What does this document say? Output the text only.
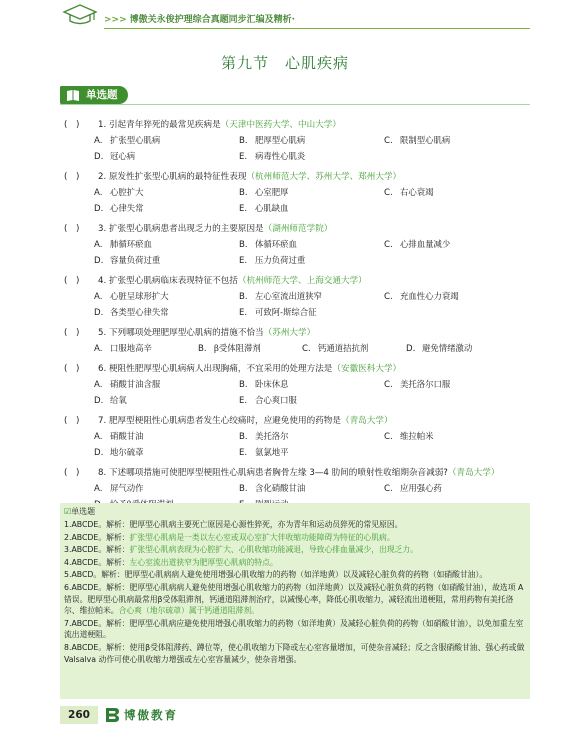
>>> 博傲关永俊护理综合真题同步汇编及精析·
第九节 心肌疾病
单选题
(　) 1. 引起青年猝死的最常见疾病是（天津中医药大学、中山大学）
A. 扩张型心肌病	B. 肥厚型心肌病	C. 限制型心肌病
D. 冠心病	E. 病毒性心肌炎
(　) 2. 原发性扩张型心肌病的最特征性表现（杭州师范大学、苏州大学、郑州大学）
A. 心腔扩大	B. 心室肥厚	C. 右心衰竭
D. 心律失常	E. 心肌缺血
(　) 3. 扩张型心肌病患者出现乏力的主要原因是（湖州师范学院）
A. 肺循环瘀血	B. 体循环瘀血	C. 心排血量减少
D. 容量负荷过重	E. 压力负荷过重
(　) 4. 扩张型心肌病临床表现特征不包括（杭州师范大学、上海交通大学）
A. 心脏呈球形扩大	B. 左心室流出道狭窄	C. 充血性心力衰竭
D. 各类型心律失常	E. 可致阿-斯综合征
(　) 5. 下列哪项处理肥厚型心肌病的措施不恰当（苏州大学）
A. 口服地高辛	B. β受体阻滞剂	C. 钙通道拮抗剂	D. 避免情绪激动
(　) 6. 梗阻性肥厚型心肌病病人出现胸痛，不宜采用的处理方法是（安徽医科大学）
A. 硝酸甘油含服	B. 卧床休息	C. 美托洛尔口服
D. 给氧	E. 合心爽口服
(　) 7. 肥厚型梗阻性心肌病患者发生心绞痛时，应避免使用的药物是（青岛大学）
A. 硝酸甘油	B. 美托洛尔	C. 维拉帕米
D. 地尔硫䓬	E. 氨氯地平
(　) 8. 下述哪项措施可使肥厚型梗阻性心肌病患者胸骨左缘 3—4 肋间的喷射性收缩期杂音减弱?（青岛大学）
A. 屏气动作	B. 含化硝酸甘油	C. 应用强心药
☑单选题
1.ABCDE。解析：肥厚型心肌病主要死亡原因是心源性猝死，亦为青年和运动员猝死的常见原因。
2.ABCDE。解析：扩张型心肌病是一类以左心室或双心室扩大伴收缩功能障碍为特征的心肌病。
3.ABCDE。解析：扩张型心肌病表现为心腔扩大、心肌收缩功能减退，导致心排血量减少，出现乏力。
4.ABCDE。解析：左心室流出道狭窄为肥厚型心肌病的特点。
5.ABCD。解析：肥厚型心肌病病人避免使用增强心肌收缩力的药物（如洋地黄）以及减轻心脏负荷的药物（如硝酸甘油）。
6.ABCDE。解析：肥厚型心肌病病人避免使用增强心肌收缩力的药物（如洋地黄）以及减轻心脏负荷的药物（如硝酸甘油），故选项 A 错误。肥厚型心肌病最常用β受体阻滞剂，钙通道阻滞剂治疗，以减慢心率，降低心肌收缩力，减轻流出道梗阻，常用药物有美托洛尔、维拉帕米。合心爽（地尔硫䓬）属于钙通道阻滞剂。
7.ABCDE。解析：肥厚型心肌病应避免使用增强心肌收缩力的药物（如洋地黄）及减轻心脏负荷的药物（如硝酸甘油），以免加重左室流出道梗阻。
8.ABCDE。解析：使用β受体阻滞药、蹲位等，使心肌收缩力下降或左心室容量增加，可使杂音减轻；反之含服硝酸甘油、强心药或做 Valsalva 动作可使心肌收缩力增强或左心室容量减少，使杂音增强。
260	博傲教育
